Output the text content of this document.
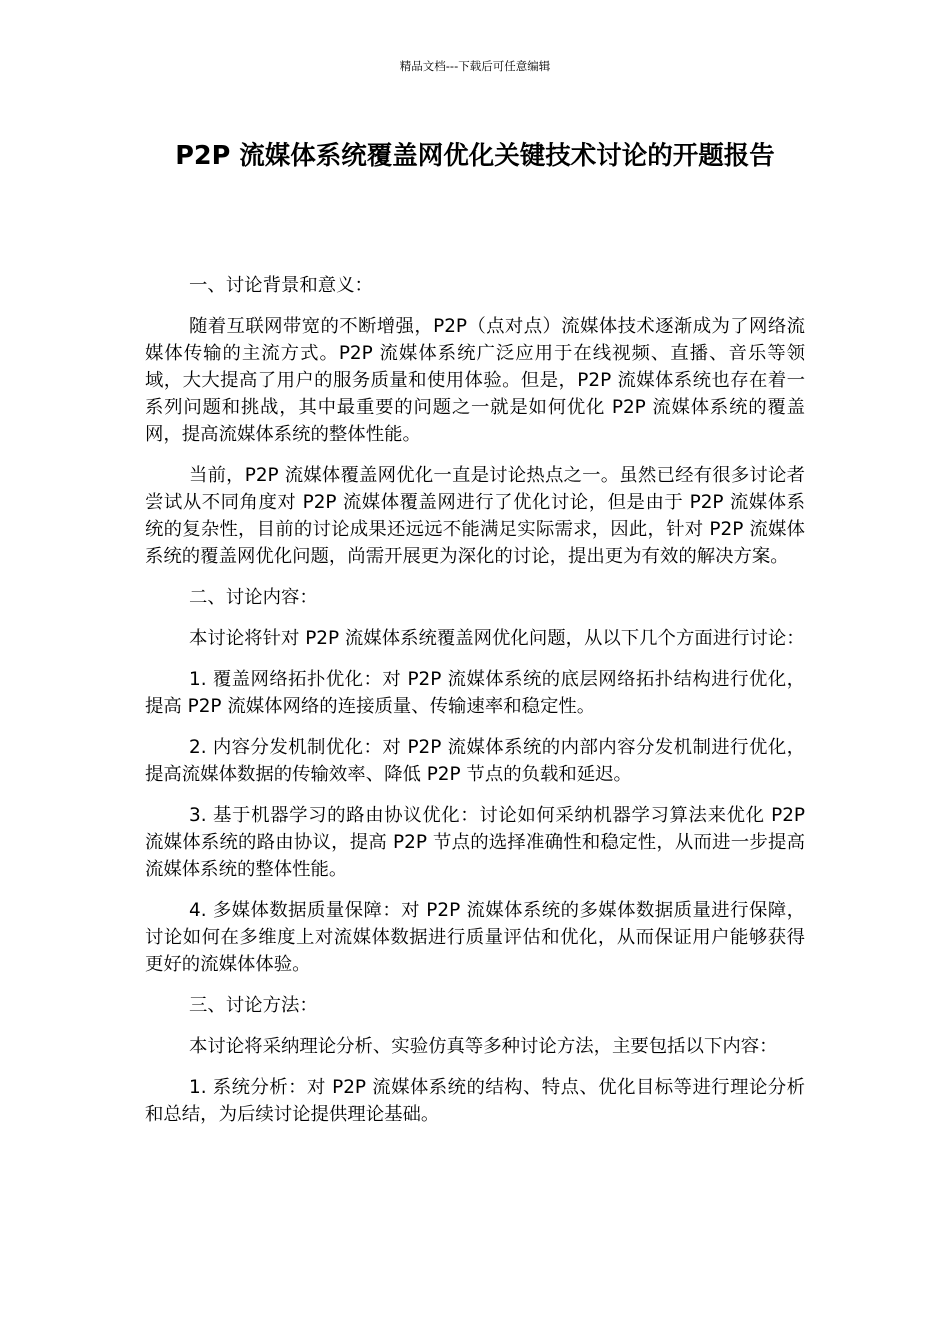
精品文档---下载后可任意编辑
P2P 流媒体系统覆盖网优化关键技术讨论的开题报告

一、讨论背景和意义：

随着互联网带宽的不断增强，P2P（点对点）流媒体技术逐渐成为了网络流媒体传输的主流方式。P2P 流媒体系统广泛应用于在线视频、直播、音乐等领域，大大提高了用户的服务质量和使用体验。但是，P2P 流媒体系统也存在着一系列问题和挑战，其中最重要的问题之一就是如何优化 P2P 流媒体系统的覆盖网，提高流媒体系统的整体性能。

当前，P2P 流媒体覆盖网优化一直是讨论热点之一。虽然已经有很多讨论者尝试从不同角度对 P2P 流媒体覆盖网进行了优化讨论，但是由于 P2P 流媒体系统的复杂性，目前的讨论成果还远远不能满足实际需求，因此，针对 P2P 流媒体系统的覆盖网优化问题，尚需开展更为深化的讨论，提出更为有效的解决方案。

二、讨论内容：

本讨论将针对 P2P 流媒体系统覆盖网优化问题，从以下几个方面进行讨论：

1. 覆盖网络拓扑优化：对 P2P 流媒体系统的底层网络拓扑结构进行优化，提高 P2P 流媒体网络的连接质量、传输速率和稳定性。

2. 内容分发机制优化：对 P2P 流媒体系统的内部内容分发机制进行优化，提高流媒体数据的传输效率、降低 P2P 节点的负载和延迟。

3. 基于机器学习的路由协议优化：讨论如何采纳机器学习算法来优化 P2P 流媒体系统的路由协议，提高 P2P 节点的选择准确性和稳定性，从而进一步提高流媒体系统的整体性能。

4. 多媒体数据质量保障：对 P2P 流媒体系统的多媒体数据质量进行保障，讨论如何在多维度上对流媒体数据进行质量评估和优化，从而保证用户能够获得更好的流媒体体验。

三、讨论方法：

本讨论将采纳理论分析、实验仿真等多种讨论方法，主要包括以下内容：

1. 系统分析：对 P2P 流媒体系统的结构、特点、优化目标等进行理论分析和总结，为后续讨论提供理论基础。
